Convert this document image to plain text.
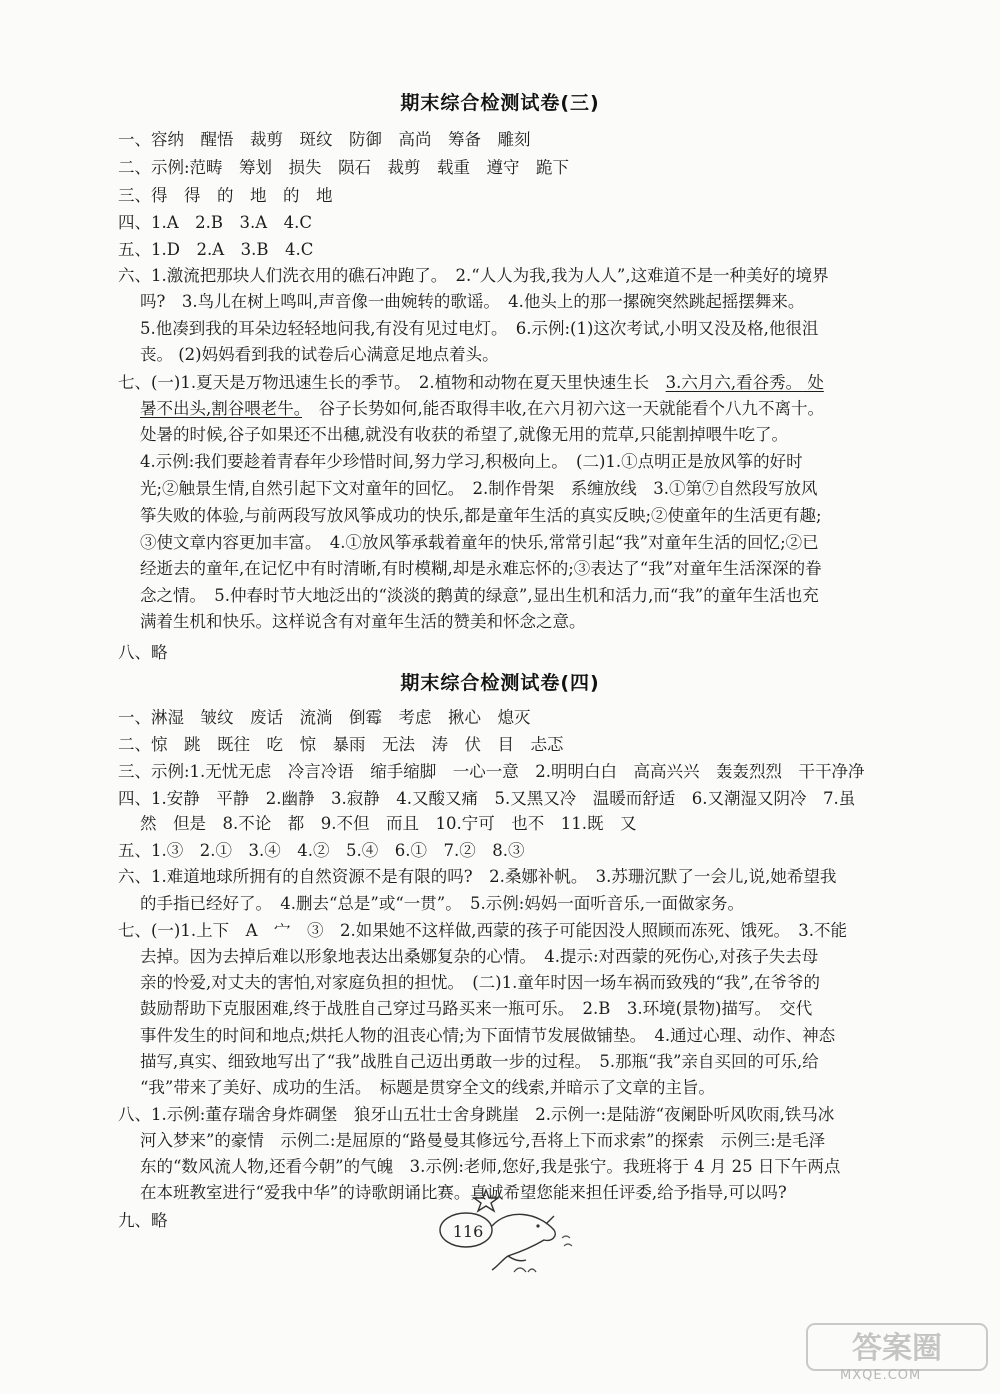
期末综合检测试卷(三)
一、容纳　醒悟　裁剪　斑纹　防御　高尚　筹备　雕刻
二、示例:范畴　筹划　损失　陨石　裁剪　载重　遵守　跪下
三、得　得　的　地　的　地
四、1.A　2.B　3.A　4.C
五、1.D　2.A　3.B　4.C
六、1.激流把那块人们洗衣用的礁石冲跑了。　2.“人人为我,我为人人”,这难道不是一种美好的境界
吗?　3.鸟儿在树上鸣叫,声音像一曲婉转的歌谣。　4.他头上的那一摞碗突然跳起摇摆舞来。
5.他凑到我的耳朵边轻轻地问我,有没有见过电灯。　6.示例:(1)这次考试,小明又没及格,他很沮
丧。 (2)妈妈看到我的试卷后心满意足地点着头。
七、(一)1.夏天是万物迅速生长的季节。　2.植物和动物在夏天里快速生长　3.六月六,看谷秀。 处
暑不出头,割谷喂老牛。　谷子长势如何,能否取得丰收,在六月初六这一天就能看个八九不离十。
处暑的时候,谷子如果还不出穗,就没有收获的希望了,就像无用的荒草,只能割掉喂牛吃了。
4.示例:我们要趁着青春年少珍惜时间,努力学习,积极向上。　(二)1.①点明正是放风筝的好时
光;②触景生情,自然引起下文对童年的回忆。　2.制作骨架　系缠放线　3.①第⑦自然段写放风
筝失败的体验,与前两段写放风筝成功的快乐,都是童年生活的真实反映;②使童年的生活更有趣;
③使文章内容更加丰富。　4.①放风筝承载着童年的快乐,常常引起“我”对童年生活的回忆;②已
经逝去的童年,在记忆中有时清晰,有时模糊,却是永难忘怀的;③表达了“我”对童年生活深深的眷
念之情。　5.仲春时节大地泛出的“淡淡的鹅黄的绿意”,显出生机和活力,而“我”的童年生活也充
满着生机和快乐。这样说含有对童年生活的赞美和怀念之意。
八、略
期末综合检测试卷(四)
一、淋湿　皱纹　废话　流淌　倒霉　考虑　揪心　熄灭
二、惊　跳　既往　吃　惊　暴雨　无法　涛　伏　目　忐忑
三、示例:1.无忧无虑　冷言冷语　缩手缩脚　一心一意　2.明明白白　高高兴兴　轰轰烈烈　干干净净
四、1.安静　平静　2.幽静　3.寂静　4.又酸又痛　5.又黑又冷　温暖而舒适　6.又潮湿又阴冷　7.虽
然　但是　8.不论　都　9.不但　而且　10.宁可　也不　11.既　又
五、1.③　2.①　3.④　4.②　5.④　6.①　7.②　8.③
六、1.难道地球所拥有的自然资源不是有限的吗?　2.桑娜补帆。　3.苏珊沉默了一会儿,说,她希望我
的手指已经好了。　4.删去“总是”或“一贯”。　5.示例:妈妈一面听音乐,一面做家务。
七、(一)1.上下　A　宀　③　2.如果她不这样做,西蒙的孩子可能因没人照顾而冻死、饿死。　3.不能
去掉。因为去掉后难以形象地表达出桑娜复杂的心情。　4.提示:对西蒙的死伤心,对孩子失去母
亲的怜爱,对丈夫的害怕,对家庭负担的担忧。　(二)1.童年时因一场车祸而致残的“我”,在爷爷的
鼓励帮助下克服困难,终于战胜自己穿过马路买来一瓶可乐。　2.B　3.环境(景物)描写。　交代
事件发生的时间和地点;烘托人物的沮丧心情;为下面情节发展做铺垫。　4.通过心理、动作、神态
描写,真实、细致地写出了“我”战胜自己迈出勇敢一步的过程。　5.那瓶“我”亲自买回的可乐,给
“我”带来了美好、成功的生活。　标题是贯穿全文的线索,并暗示了文章的主旨。
八、1.示例:董存瑞舍身炸碉堡　狼牙山五壮士舍身跳崖　2.示例一:是陆游“夜阑卧听风吹雨,铁马冰
河入梦来”的豪情　示例二:是屈原的“路曼曼其修远兮,吾将上下而求索”的探索　示例三:是毛泽
东的“数风流人物,还看今朝”的气魄　3.示例:老师,您好,我是张宁。我班将于 4 月 25 日下午两点
在本班教室进行“爱我中华”的诗歌朗诵比赛。真诚希望您能来担任评委,给予指导,可以吗?
九、略
116
答案圈
MXQE.COM
